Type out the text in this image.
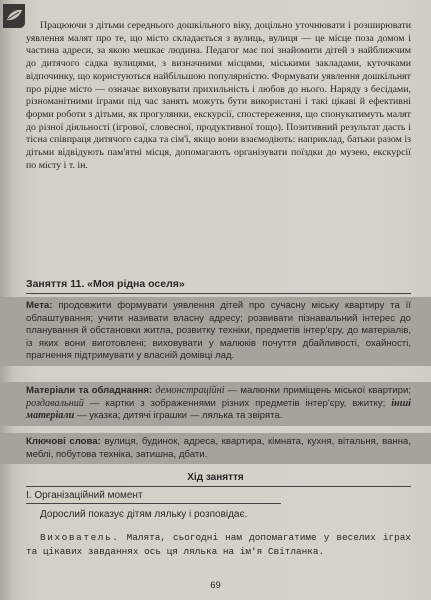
Працюючи з дітьми середнього дошкільного віку, доцільно уточнювати і розширювати уявлення малят про те, що місто складається з вулиць, вулиця — це місце поза домом і частина адреси, за якою мешкає людина. Педагог має поі знайомити дітей з найближчим до дитячого садка вулицями, з визначними місцями, міськими закладами, куточками відпочинку, що користуються найбільшою популярністю. Формувати уявлення дошкільнят про рідне місто — означає виховувати прихильність і любов до нього. Наряду з бесідами, різноманітними іграми під час занять можуть бути використані і такі цікаві й ефективні форми роботи з дітьми, як прогулянки, екскурсії, спостереження, що спонукатимуть малят до різної діяльності (ігрової, словесної, продуктивної тощо). Позитивний результат дасть і тісна співпраця дитячого садка та сім'ї, якщо вони взаємодіють: наприклад, батьки разом із дітьми відвідують пам'ятні місця, допомагають організувати поїздки до музею, екскурсії по місту і т. ін.

Заняття 11. «Моя рідна оселя»

Мета: продовжити формувати уявлення дітей про сучасну міську квартиру та її облаштування; учити називати власну адресу; розвивати пізнавальний інтерес до планування й обстановки житла, розвитку техніки, предметів інтер'єру, до матеріалів, із яких вони виготовлені; виховувати у малюків почуття дбайливості, охайності, прагнення підтримувати у власній домівці лад.
Матеріали та обладнання: демонстраційні — малюнки приміщень міської квартири; роздавальний — картки з зображеннями різних предметів інтер'єру, вжитку; інші матеріали — указка; дитячі іграшки — лялька та звірята.
Ключові слова: вулиця, будинок, адреса, квартира, кімната, кухня, вітальня, ванна, меблі, побутова техніка, затишна, дбати.
Хід заняття
I. Організаційний момент

Дорослий показує дітям ляльку і розповідає.

Вихователь. Малята, сьогодні нам допомагатиме у веселих іграх та цікавих завданнях ось ця лялька на ім'я Світланка.

69
